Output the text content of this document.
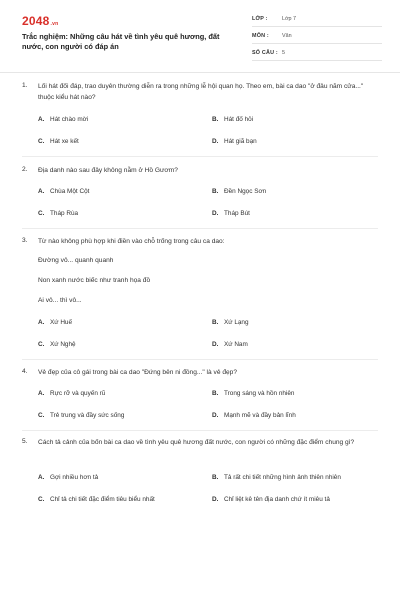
2048.vn
Trắc nghiệm: Những câu hát về tình yêu quê hương, đất nước, con người có đáp án
LỚP :	Lớp 7
MÔN : Văn
SỐ CÂU : 5
1. Lối hát đối đáp, trao duyên thường diễn ra trong những lễ hội quan họ. Theo em, bài ca dao "ở đâu năm cửa..." thuộc kiểu hát nào?
A. Hát chào mời	B. Hát đố hỏi
C. Hát xe kết	D. Hát giã bạn
2. Địa danh nào sau đây không nằm ở Hồ Gươm?
A. Chùa Một Cột	B. Đền Ngọc Sơn
C. Tháp Rùa	D. Tháp Bút
3. Từ nào không phù hợp khi điền vào chỗ trống trong câu ca dao:
Đường vô... quanh quanh
Non xanh nước biếc như tranh họa đồ
Ai vô... thì vô...
A. Xứ Huế	B. Xứ Lạng
C. Xứ Nghệ	D. Xứ Nam
4. Vẻ đẹp của cô gái trong bài ca dao "Đứng bên ni đồng..." là vẻ đẹp?
A. Rực rỡ và quyến rũ	B. Trong sáng và hồn nhiên
C. Trẻ trung và đầy sức sống	D. Mạnh mẽ và đầy bản lĩnh
5. Cách tả cảnh của bốn bài ca dao về tình yêu quê hương đất nước, con người có những đặc điểm chung gì?
A. Gợi nhiều hơn tả	B. Tả rất chi tiết những hình ảnh thiên nhiên
C. Chỉ tả chi tiết đặc điểm tiêu biểu nhất	D. Chỉ liệt kê tên địa danh chứ ít miêu tả
